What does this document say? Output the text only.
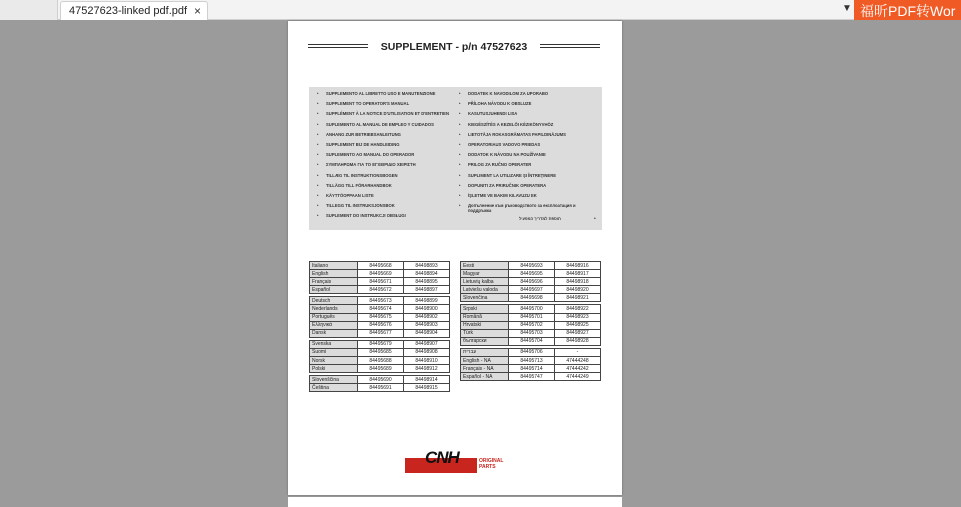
47527623-linked pdf.pdf ×	▼ 福昕PDF转Wor
SUPPLEMENT - p/n 47527623
•	SUPPLEMENTO AL LIBRETTO USO E MANUTENZIONE
•	SUPPLEMENT TO OPERATOR'S MANUAL
•	SUPPLÉMENT À LA NOTICE D'UTILISATION ET D'ENTRETIEN
•	SUPLEMENTO AL MANUAL DE EMPLEO Y CUIDADOS
•	ANHANG ZUR BETRIEBSANLEITUNG
•	SUPPLEMENT BIJ DE HANDLEIDING
•	SUPLEMENTO AO MANUAL DO OPERADOR
•	ΣΥΜΠΛΗΡΩΜΑ ΓΙΑ ΤΟ ΕΓΧΕΙΡΙΔΙΟ ΧΕΙΡΙΣΤΗ
•	TILLÆG TIL INSTRUKTIONSBOGEN
•	TILLÄGG TILL FÖRARHANDBOK
•	KÄYTTÖOPPAAN LISTE
•	TILLEGG TIL INSTRUKSJONSBOK
•	SUPLEMENT DO INSTRUKCJI OBSŁUGI
•	DODATEK K NAVODILOM ZA UPORABO
•	PŘÍLOHA NÁVODU K OBSLUZE
•	KASUTUSJUHENDI LISA
•	KIEGÉSZÍTÉS A KEZELŐI KÉZIKÖNYVHÖZ
•	LIETOTĀJA ROKASGRĀMATAS PAPILDINĀJUMS
•	OPERATORIAUS VADOVO PRIEDAS
•	DODATOK K NÁVODU NA POUŽÍVANIE
•	PRILOG ZA RUČNO OPERATER
•	SUPLIMENT LA UTILIZARE ŞI ÎNTREŢINERE
•	DOPUNITI ZA PRIRUČNIK OPERATERA
•	İŞLETME VE BAKIM KILAVUZU EK
•	Допълнение към ръководството за експлоатация и поддръжка
תוספת למדריך המפעיל	•
Italiano	84495668	84498893
English	84495669	84498894
Français	84495671	84498895
Español	84495672	84498897

Deutsch	84495673	84498899
Nederlands	84495674	84498900
Português	84495675	84498902
Ελληνικά	84495676	84498903
Dansk	84495677	84498904

Svenska	84495679	84498907
Suomi	84495685	84498908
Norsk	84495688	84498910
Polski	84495689	84498912

Slovenščina	84495690	84498914
Čeština	84495691	84498915
Eesti	84495693	84498916
Magyar	84495695	84498917
Lietuvių kalba	84495696	84498918
Latviešu valoda	84495697	84498920
Slovenčina	84495698	84498921

Srpski	84495700	84498922
Română	84495701	84498923
Hrvatski	84495702	84498925
Türk	84495703	84498927
български	84495704	84498928

עברית	84495706	-
English - NA	84495713	47444248
Français - NA	84495714	47444242
Español - NA	84495747	47444249
CNH	ORIGINAL
PARTS
